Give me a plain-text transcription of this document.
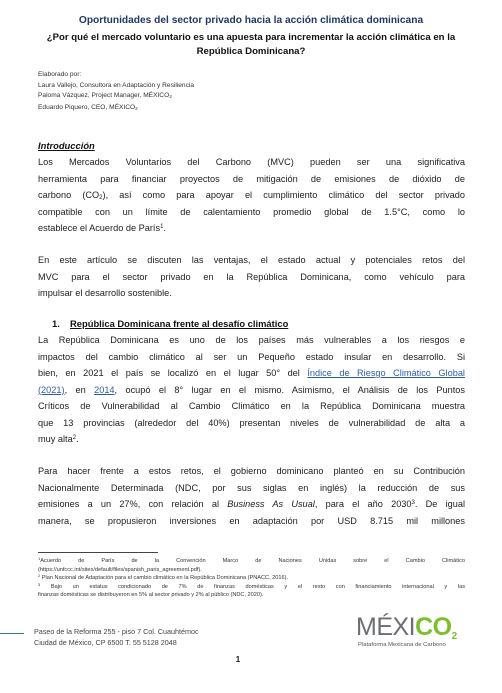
Oportunidades del sector privado hacia la acción climática dominicana
¿Por qué el mercado voluntario es una apuesta para incrementar la acción climática en la
República Dominicana?
Elaborado por:
Laura Vallejo, Consultora en Adaptación y Resiliencia
Paloma Vázquez, Project Manager, $MÉXICO_2$
Eduardo Piquero, CEO, $MÉXICO_2$
Introducción
Los Mercados Voluntarios del Carbono (MVC) pueden ser una significativa
herramienta para financiar proyectos de mitigación de emisiones de dióxido de
carbono $(CO_2)$, así como para apoyar el cumplimiento climático del sector privado
compatible con un límite de calentamiento promedio global de 1.5°C, como lo
establece el Acuerdo de París$^1$.
En este artículo se discuten las ventajas, el estado actual y potenciales retos del
MVC para el sector privado en la República Dominicana, como vehículo para
impulsar el desarrollo sostenible.
1. República Dominicana frente al desafío climático
La República Dominicana es uno de los países más vulnerables a los riesgos e
impactos del cambio climático al ser un Pequeño estado insular en desarrollo. Si
bien, en 2021 el país se localizó en el lugar 50° del Índice de Riesgo Climático Global
(2021), en 2014, ocupó el 8° lugar en el mismo. Asimismo, el Análisis de los Puntos
Críticos de Vulnerabilidad al Cambio Climático en la República Dominicana muestra
que 13 provincias (alrededor del 40%) presentan niveles de vulnerabilidad de alta a
muy alta$^2$.
Para hacer frente a estos retos, el gobierno dominicano planteó en su Contribución
Nacionalmente Determinada (NDC, por sus siglas en inglés) la reducción de sus
emisiones a un 27%, con relación al Business As Usual, para el año 2030$^3$. De igual
manera, se propusieron inversiones en adaptación por USD 8.715 mil millones
$^1$Acuerdo de París de la Convención Marco de Naciones Unidas sobre el Cambio Climático
(https://unfccc.int/sites/default/files/spanish_paris_agreement.pdf).
$^2$ Plan Nacional de Adaptación para el cambio climático en la República Dominicana (PNACC, 2016).
$^3$ Bajo un estatus condicionado de 7% de finanzas domésticas y el resto con financiamiento internacional y las
finanzas domésticas se distribuyeron en 5% al sector privado y 2% al público (NDC, 2020).
Paseo de la Reforma 255 - piso 7 Col. Cuauhtémoc
Ciudad de México, CP 6500 T. 55 5128 2048
MÉXICO2
Plataforma Mexicana de Carbono
1
